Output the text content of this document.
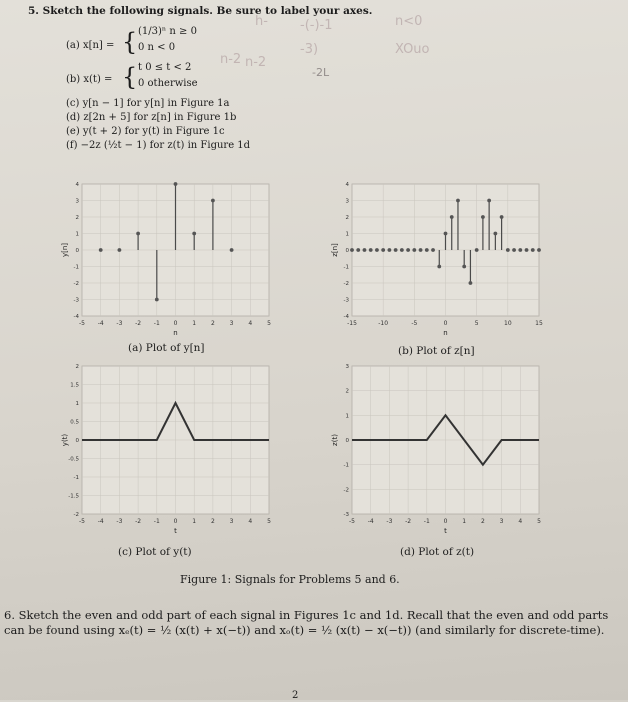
h- -(-)-1
n-2
-3)
n-2
-2L
n<0
XOuo
5. Sketch the following signals. Be sure to label your axes.
(a) x[n] = { (1/3)ⁿ n ≥ 0
0 n < 0
(b) x(t) = { t 0 ≤ t < 2
0 otherwise
(c) y[n − 1] for y[n] in Figure 1a
(d) z[2n + 5] for z[n] in Figure 1b
(e) y(t + 2) for y(t) in Figure 1c
(f) −2z (½t − 1) for z(t) in Figure 1d
-5 -4 -3 -2 -1 0 1 2 3 4 5
-4
-3
-2
-1
0
1
2
3
4
n
y[n]
-15	-10	-5	0	5	10	15
-4
-3
-2
-1
0
1
2
3
4
n
z[n]
-5 -4 -3 -2 -1 0 1 2 3 4 5
-2
-1.5
-1
-0.5
0
0.5
1
1.5
2
t
y(t)
-5 -4 -3 -2 -1 0 1 2 3 4 5
-3
-2
-1
0
1
2
3
t
z(t)
(a) Plot of y[n]	(b) Plot of z[n]
(c) Plot of y(t)	(d) Plot of z(t)
Figure 1: Signals for Problems 5 and 6.
6. Sketch the even and odd part of each signal in Figures 1c and 1d. Recall that the even and odd parts can be found using xₑ(t) = ½ (x(t) + x(−t)) and xₒ(t) = ½ (x(t) − x(−t)) (and similarly for discrete-time).
2
